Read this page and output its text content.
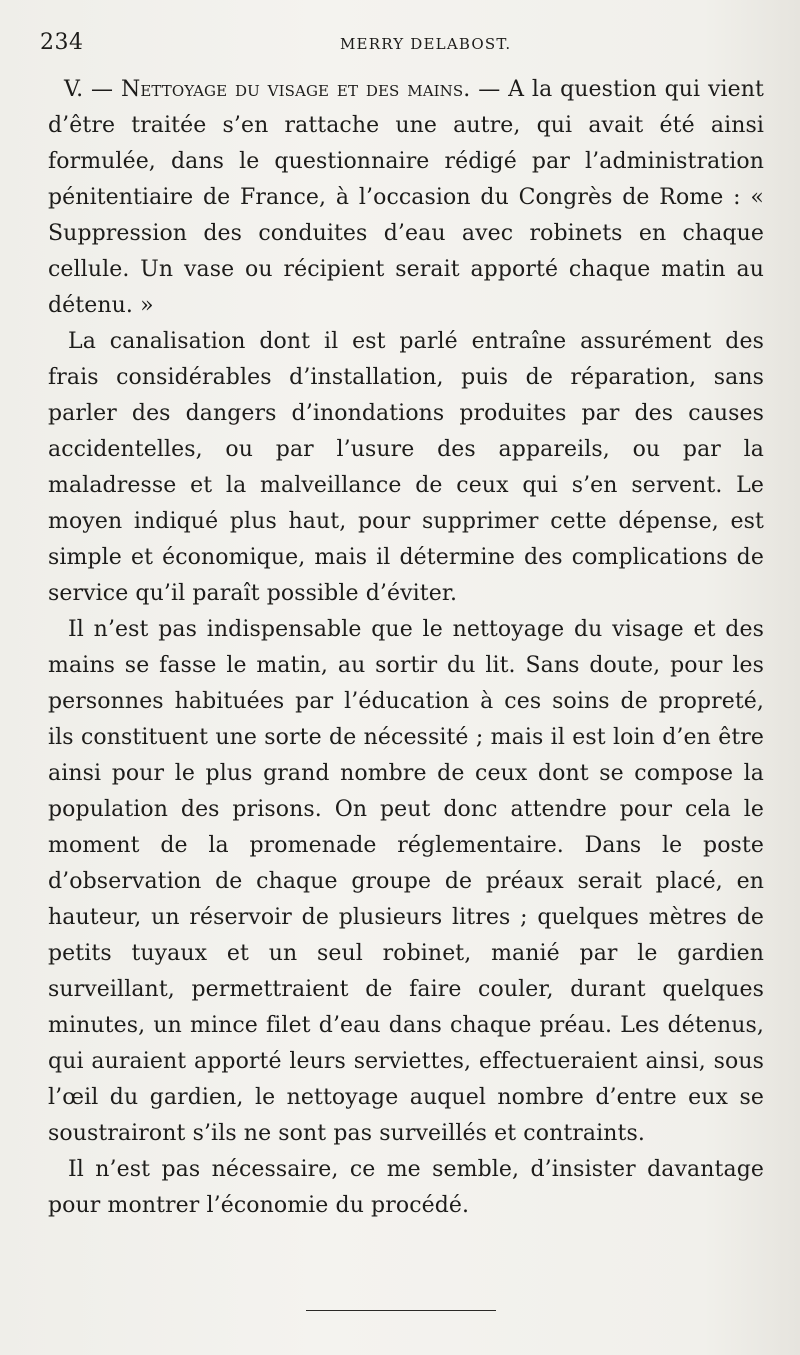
234	MERRY DELABOST.

V. — Nettoyage du visage et des mains. — A la question qui vient d’être traitée s’en rattache une autre, qui avait été ainsi formulée, dans le questionnaire rédigé par l’administration pénitentiaire de France, à l’occasion du Congrès de Rome : « Suppression des conduites d’eau avec robinets en chaque cellule. Un vase ou récipient serait apporté chaque matin au détenu. »

La canalisation dont il est parlé entraîne assurément des frais considérables d’installation, puis de réparation, sans parler des dangers d’inondations produites par des causes accidentelles, ou par l’usure des appareils, ou par la maladresse et la malveillance de ceux qui s’en servent. Le moyen indiqué plus haut, pour supprimer cette dépense, est simple et économique, mais il détermine des complications de service qu’il paraît possible d’éviter.

Il n’est pas indispensable que le nettoyage du visage et des mains se fasse le matin, au sortir du lit. Sans doute, pour les personnes habituées par l’éducation à ces soins de propreté, ils constituent une sorte de nécessité ; mais il est loin d’en être ainsi pour le plus grand nombre de ceux dont se compose la population des prisons. On peut donc attendre pour cela le moment de la promenade réglementaire. Dans le poste d’observation de chaque groupe de préaux serait placé, en hauteur, un réservoir de plusieurs litres ; quelques mètres de petits tuyaux et un seul robinet, manié par le gardien surveillant, permettraient de faire couler, durant quelques minutes, un mince filet d’eau dans chaque préau. Les détenus, qui auraient apporté leurs serviettes, effectueraient ainsi, sous l’œil du gardien, le nettoyage auquel nombre d’entre eux se soustrairont s’ils ne sont pas surveillés et contraints.

Il n’est pas nécessaire, ce me semble, d’insister davantage pour montrer l’économie du procédé.
